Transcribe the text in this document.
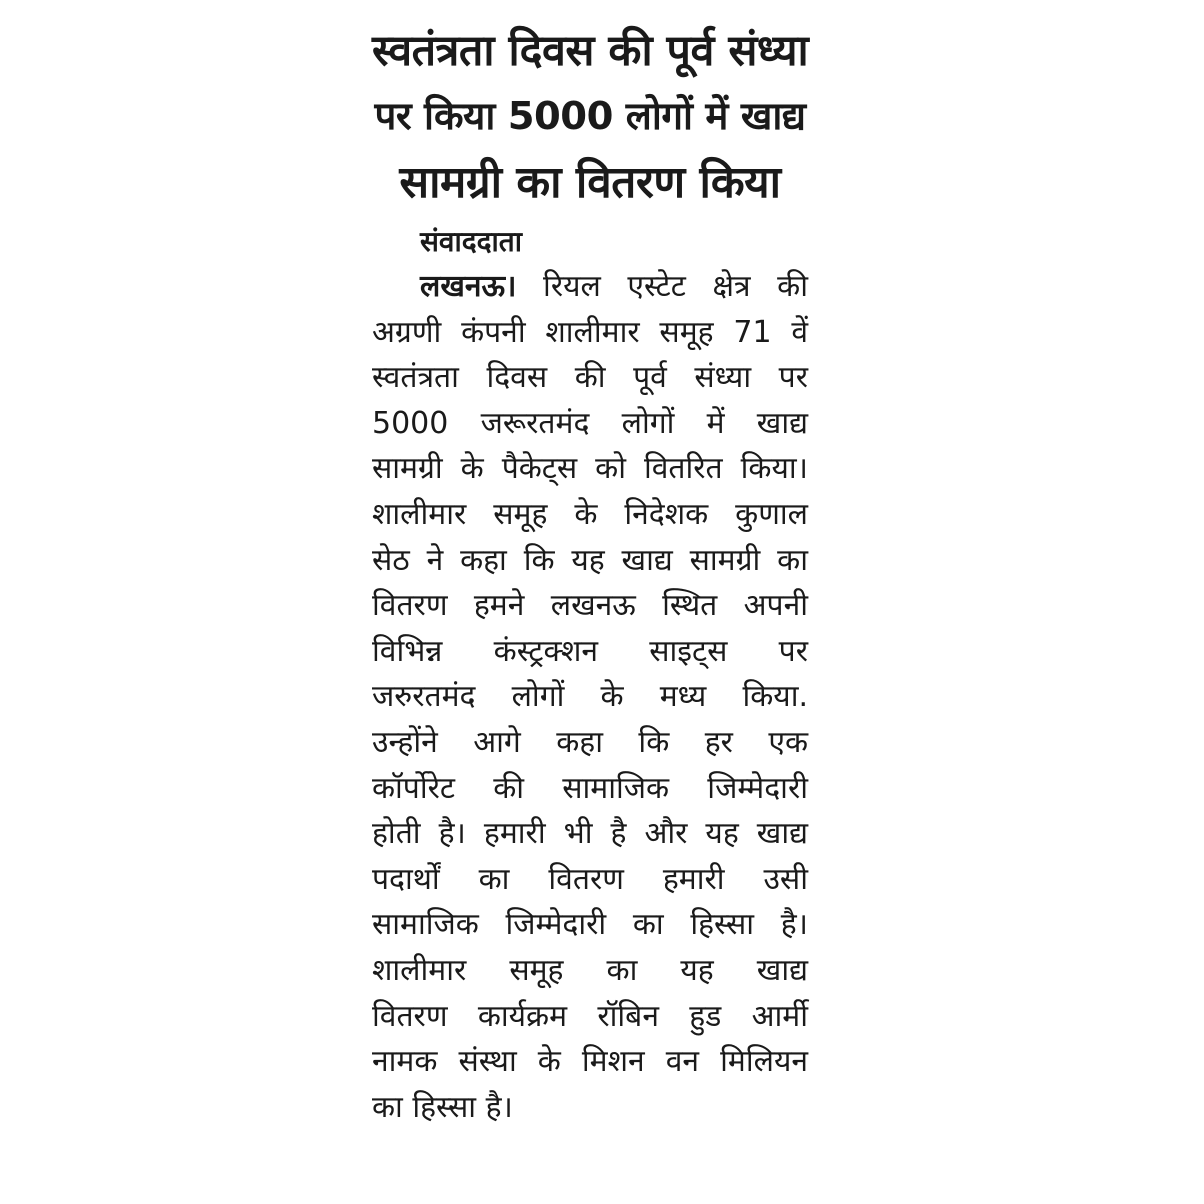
स्वतंत्रता दिवस की पूर्व संध्या
पर किया 5000 लोगों में खाद्य
सामग्री का वितरण किया
संवाददाता
लखनऊ। रियल एस्टेट क्षेत्र की
अग्रणी कंपनी शालीमार समूह 71 वें
स्वतंत्रता दिवस की पूर्व संध्या पर
5000 जरूरतमंद लोगों में खाद्य
सामग्री के पैकेट्स को वितरित किया।
शालीमार समूह के निदेशक कुणाल
सेठ ने कहा कि यह खाद्य सामग्री का
वितरण हमने लखनऊ स्थित अपनी
विभिन्न कंस्ट्रक्शन साइट्स पर
जरुरतमंद लोगों के मध्य किया.
उन्होंने आगे कहा कि हर एक
कॉर्पोरेट की सामाजिक जिम्मेदारी
होती है। हमारी भी है और यह खाद्य
पदार्थों का वितरण हमारी उसी
सामाजिक जिम्मेदारी का हिस्सा है।
शालीमार समूह का यह खाद्य
वितरण कार्यक्रम रॉबिन हुड आर्मी
नामक संस्था के मिशन वन मिलियन
का हिस्सा है।
